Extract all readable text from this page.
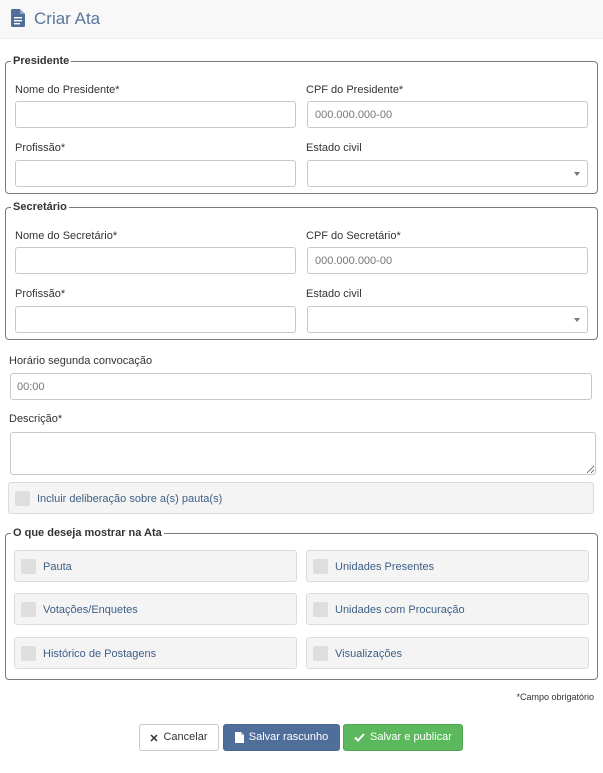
Criar Ata
Presidente
Nome do Presidente*	CPF do Presidente*
000.000.000-00
Profissão*	Estado civil
Secretário
Nome do Secretário*	CPF do Secretário*
000.000.000-00
Profissão*	Estado civil
Horário segunda convocação
00:00
Descrição*
Incluir deliberação sobre a(s) pauta(s)
O que deseja mostrar na Ata
Pauta	Unidades Presentes
Votações/Enquetes	Unidades com Procuração
Histórico de Postagens	Visualizações
*Campo obrigatório
Cancelar	Salvar rascunho	Salvar e publicar
